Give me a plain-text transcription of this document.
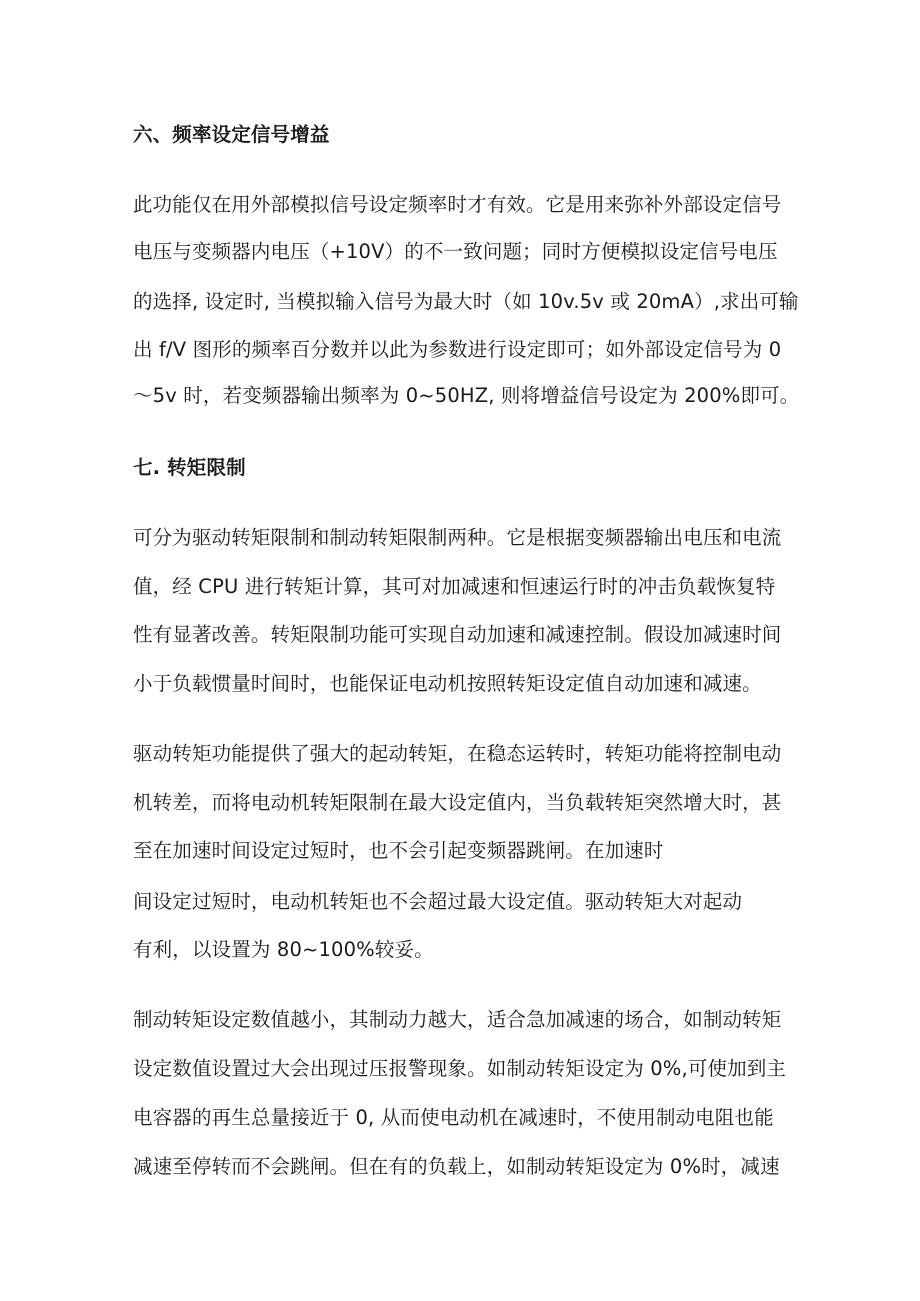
六、频率设定信号增益
此功能仅在用外部模拟信号设定频率时才有效。它是用来弥补外部设定信号
电压与变频器内电压（+10V）的不一致问题；同时方便模拟设定信号电压
的选择, 设定时, 当模拟输入信号为最大时（如 10v.5v 或 20mA）,求出可输
出 f/V 图形的频率百分数并以此为参数进行设定即可；如外部设定信号为 0
～5v 时，若变频器输出频率为 0~50HZ, 则将增益信号设定为 200%即可。
七. 转矩限制
可分为驱动转矩限制和制动转矩限制两种。它是根据变频器输出电压和电流
值，经 CPU 进行转矩计算，其可对加减速和恒速运行时的冲击负载恢复特
性有显著改善。转矩限制功能可实现自动加速和减速控制。假设加减速时间
小于负载惯量时间时，也能保证电动机按照转矩设定值自动加速和减速。
驱动转矩功能提供了强大的起动转矩，在稳态运转时，转矩功能将控制电动
机转差，而将电动机转矩限制在最大设定值内，当负载转矩突然增大时，甚
至在加速时间设定过短时，也不会引起变频器跳闸。在加速时
间设定过短时，电动机转矩也不会超过最大设定值。驱动转矩大对起动
有利，以设置为 80~100%较妥。
制动转矩设定数值越小，其制动力越大，适合急加减速的场合，如制动转矩
设定数值设置过大会出现过压报警现象。如制动转矩设定为 0%,可使加到主
电容器的再生总量接近于 0, 从而使电动机在减速时，不使用制动电阻也能
减速至停转而不会跳闸。但在有的负载上，如制动转矩设定为 0%时，减速
